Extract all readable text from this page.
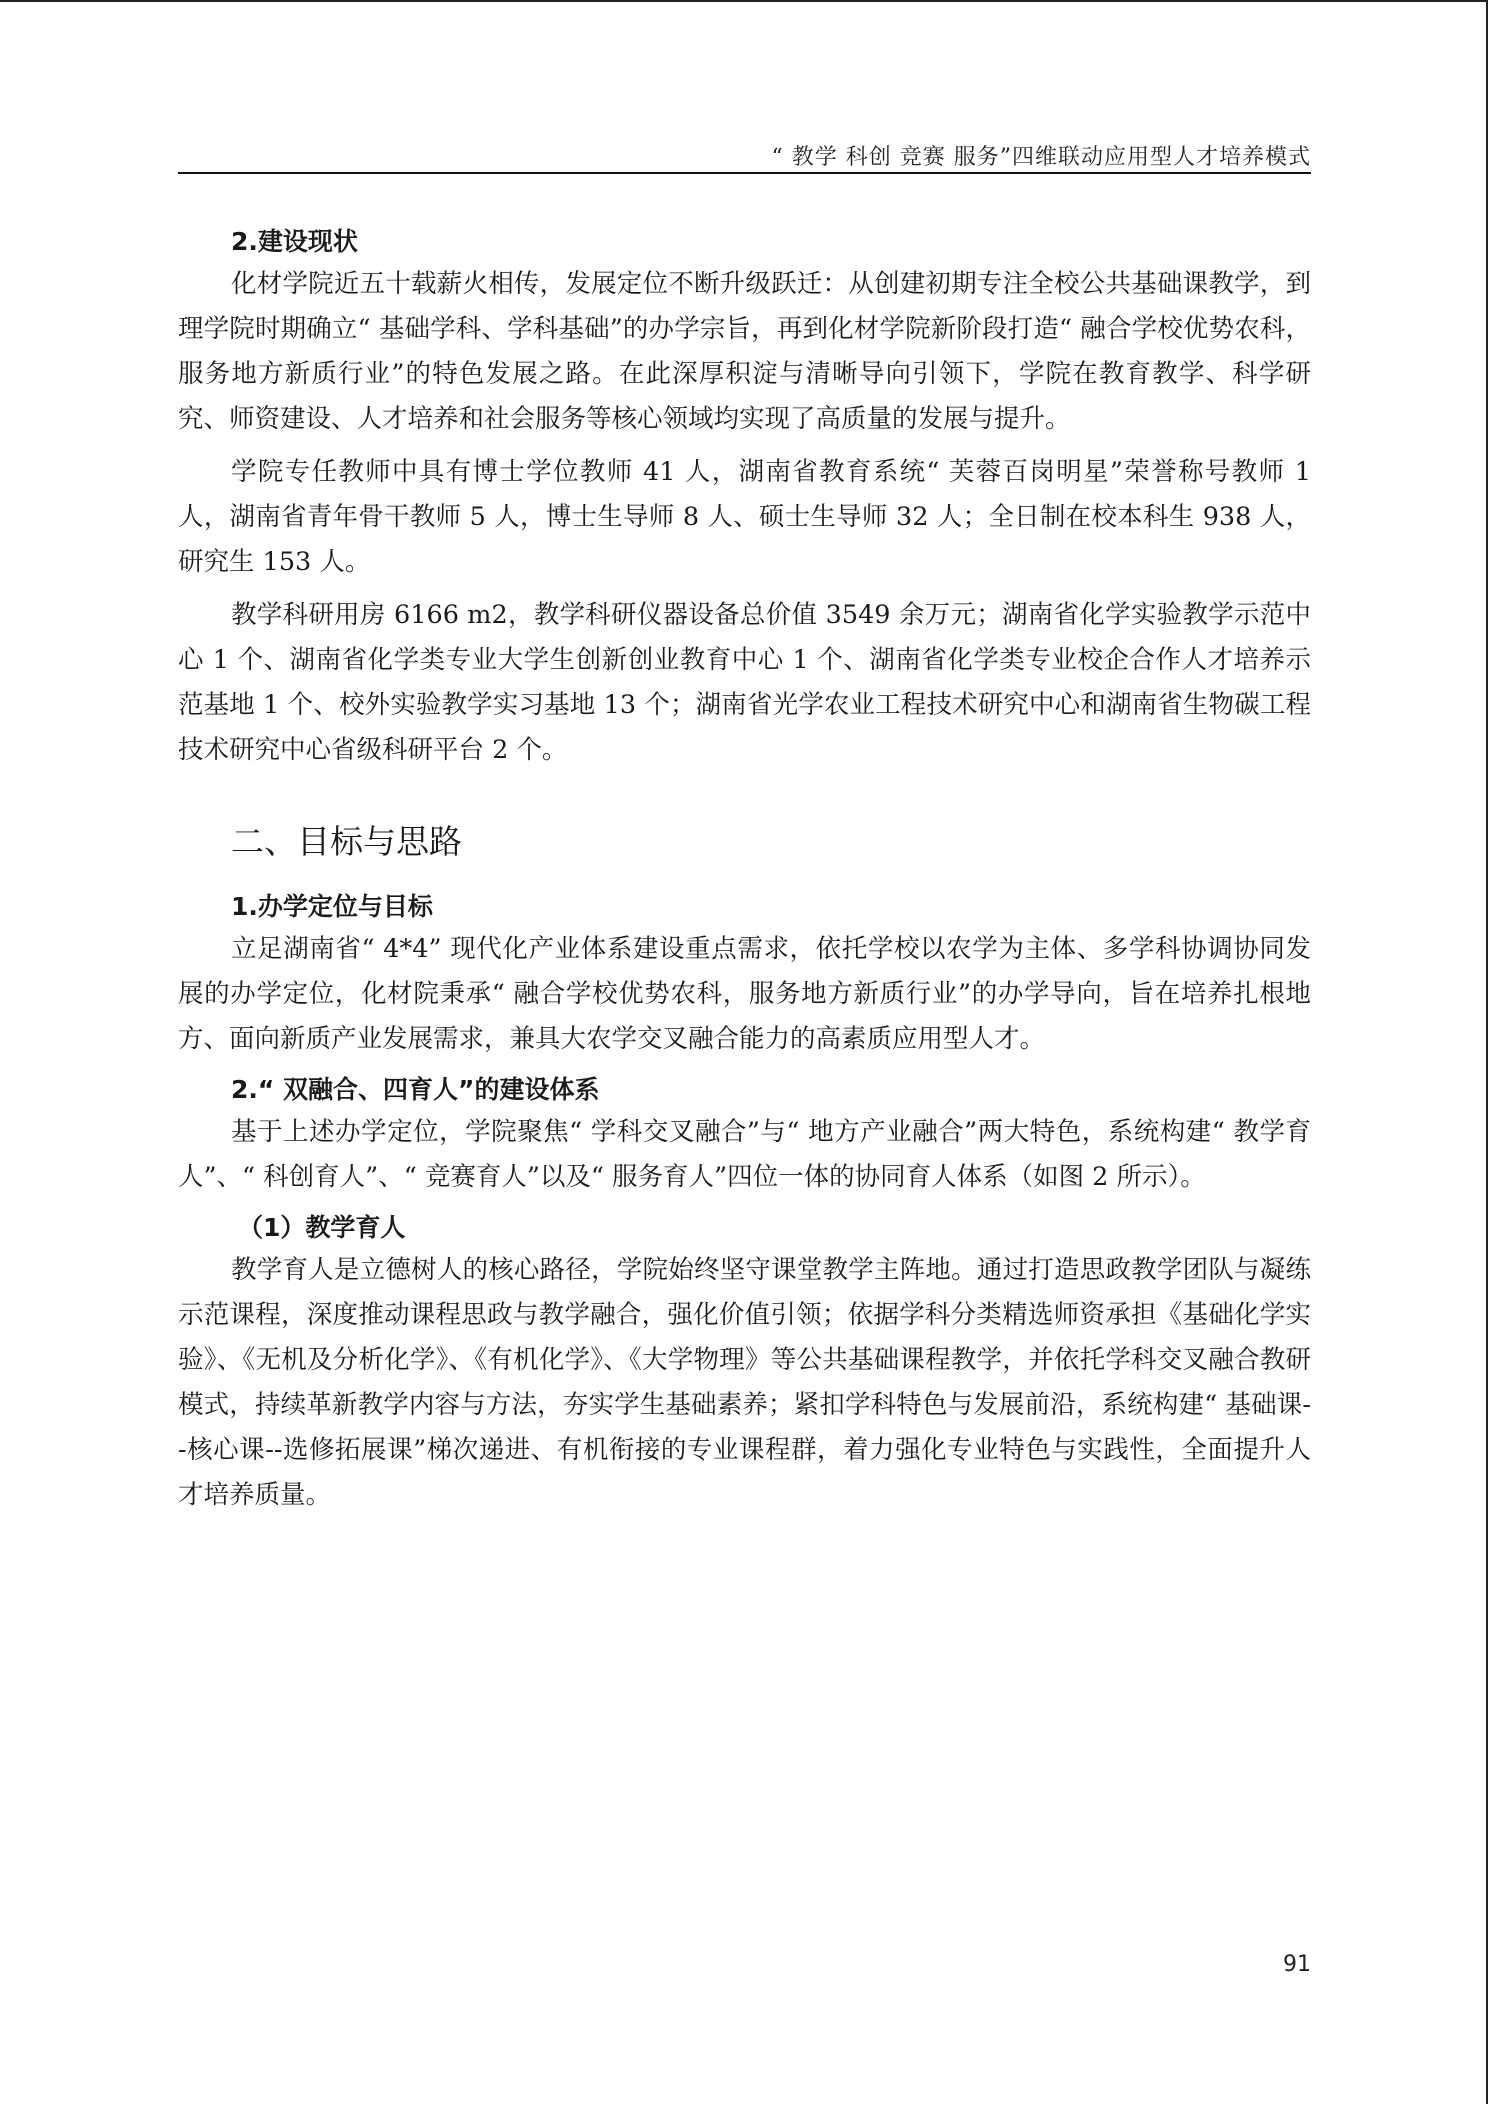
“ 教学 科创 竞赛 服务”四维联动应用型人才培养模式
2.建设现状

化材学院近五十载薪火相传，发展定位不断升级跃迁：从创建初期专注全校公共基础课教学，到理学院时期确立“ 基础学科、学科基础”的办学宗旨，再到化材学院新阶段打造“ 融合学校优势农科，服务地方新质行业”的特色发展之路。在此深厚积淀与清晰导向引领下，学院在教育教学、科学研究、师资建设、人才培养和社会服务等核心领域均实现了高质量的发展与提升。

学院专任教师中具有博士学位教师 41 人，湖南省教育系统“ 芙蓉百岗明星”荣誉称号教师 1 人，湖南省青年骨干教师 5 人，博士生导师 8 人、硕士生导师 32 人；全日制在校本科生 938 人，研究生 153 人。

教学科研用房 6166 m2，教学科研仪器设备总价值 3549 余万元；湖南省化学实验教学示范中心 1 个、湖南省化学类专业大学生创新创业教育中心 1 个、湖南省化学类专业校企合作人才培养示范基地 1 个、校外实验教学实习基地 13 个；湖南省光学农业工程技术研究中心和湖南省生物碳工程技术研究中心省级科研平台 2 个。

二、目标与思路
1.办学定位与目标

立足湖南省“ 4*4” 现代化产业体系建设重点需求，依托学校以农学为主体、多学科协调协同发展的办学定位，化材院秉承“ 融合学校优势农科，服务地方新质行业”的办学导向，旨在培养扎根地方、面向新质产业发展需求，兼具大农学交叉融合能力的高素质应用型人才。

2.“ 双融合、四育人”的建设体系

基于上述办学定位，学院聚焦“ 学科交叉融合”与“ 地方产业融合”两大特色，系统构建“ 教学育人”、“ 科创育人”、“ 竞赛育人”以及“ 服务育人”四位一体的协同育人体系（如图 2 所示）。

（1）教学育人

教学育人是立德树人的核心路径，学院始终坚守课堂教学主阵地。通过打造思政教学团队与凝练示范课程，深度推动课程思政与教学融合，强化价值引领；依据学科分类精选师资承担《基础化学实验》、《无机及分析化学》、《有机化学》、《大学物理》等公共基础课程教学，并依托学科交叉融合教研模式，持续革新教学内容与方法，夯实学生基础素养；紧扣学科特色与发展前沿，系统构建“ 基础课--核心课--选修拓展课”梯次递进、有机衔接的专业课程群，着力强化专业特色与实践性，全面提升人才培养质量。

91
